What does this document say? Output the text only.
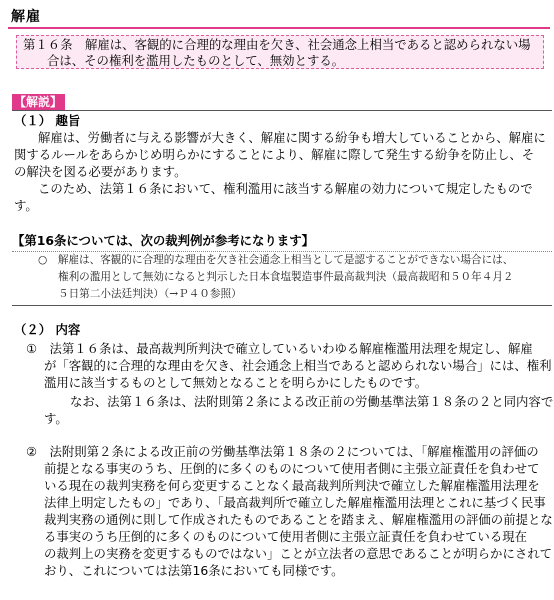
解雇
第１６条　解雇は、客観的に合理的な理由を欠き、社会通念上相当であると認められない場
合は、その権利を濫用したものとして、無効とする。
【解説】
（１） 趣旨
解雇は、労働者に与える影響が大きく、解雇に関する紛争も増大していることから、解雇に
関するルールをあらかじめ明らかにすることにより、解雇に際して発生する紛争を防止し、そ
の解決を図る必要があります。
このため、法第１６条において、権利濫用に該当する解雇の効力について規定したもので
す。
【第16条については、次の裁判例が参考になります】
○　解雇は、客観的に合理的な理由を欠き社会通念上相当として是認することができない場合には、
権利の濫用として無効になると判示した日本食塩製造事件最高裁判決（最高裁昭和５０年４月２
５日第二小法廷判決）（→Ｐ４０参照）
（２） 内容
①　法第１６条は、最高裁判所判決で確立しているいわゆる解雇権濫用法理を規定し、解雇
が「客観的に合理的な理由を欠き、社会通念上相当であると認められない場合」には、権利
濫用に該当するものとして無効となることを明らかにしたものです。
なお、法第１６条は、法附則第２条による改正前の労働基準法第１８条の２と同内容で
す。
②　法附則第２条による改正前の労働基準法第１８条の２については、「解雇権濫用の評価の
前提となる事実のうち、圧倒的に多くのものについて使用者側に主張立証責任を負わせて
いる現在の裁判実務を何ら変更することなく最高裁判所判決で確立した解雇権濫用法理を
法律上明定したもの」であり、「最高裁判所で確立した解雇権濫用法理とこれに基づく民事
裁判実務の通例に則して作成されたものであることを踏まえ、解雇権濫用の評価の前提とな
る事実のうち圧倒的に多くのものについて使用者側に主張立証責任を負わせている現在
の裁判上の実務を変更するものではない」ことが立法者の意思であることが明らかにされて
おり、これについては法第16条においても同様です。
